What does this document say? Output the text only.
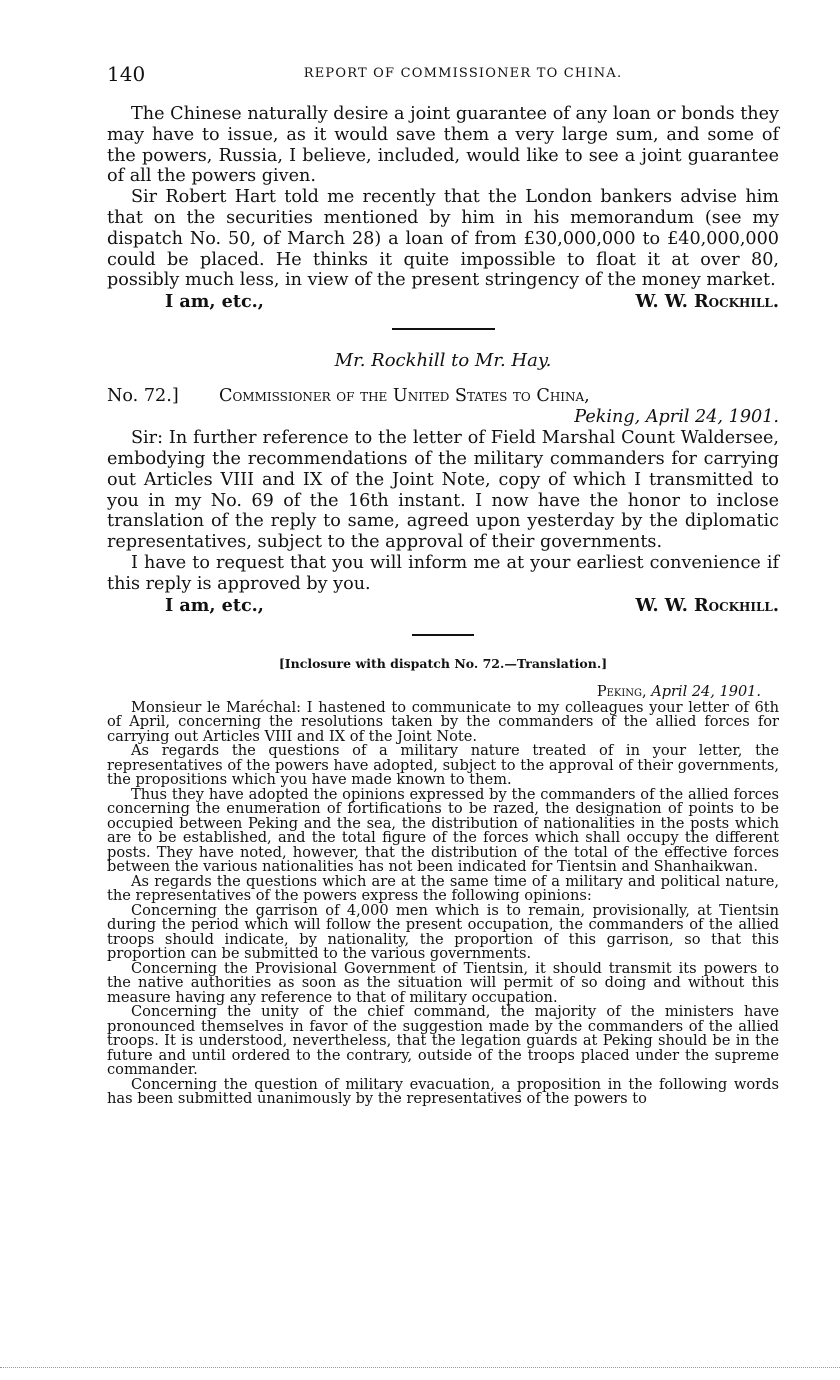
140	REPORT OF COMMISSIONER TO CHINA.

The Chinese naturally desire a joint guarantee of any loan or bonds they may have to issue, as it would save them a very large sum, and some of the powers, Russia, I believe, included, would like to see a joint guarantee of all the powers given.

Sir Robert Hart told me recently that the London bankers advise him that on the securities mentioned by him in his memorandum (see my dispatch No. 50, of March 28) a loan of from £30,000,000 to £40,000,000 could be placed. He thinks it quite impossible to float it at over 80, possibly much less, in view of the present stringency of the money market.

I am, etc.,	W. W. Rockhill.
Mr. Rockhill to Mr. Hay.
No. 72.]	Commissioner of the United States to China,
Peking, April 24, 1901.

Sir: In further reference to the letter of Field Marshal Count Waldersee, embodying the recommendations of the military commanders for carrying out Articles VIII and IX of the Joint Note, copy of which I transmitted to you in my No. 69 of the 16th instant. I now have the honor to inclose translation of the reply to same, agreed upon yesterday by the diplomatic representatives, subject to the approval of their governments.

I have to request that you will inform me at your earliest convenience if this reply is approved by you.

I am, etc.,	W. W. Rockhill.
[Inclosure with dispatch No. 72.—Translation.]
Peking, April 24, 1901.

Monsieur le Maréchal: I hastened to communicate to my colleagues your letter of 6th of April, concerning the resolutions taken by the commanders of the allied forces for carrying out Articles VIII and IX of the Joint Note.

As regards the questions of a military nature treated of in your letter, the representatives of the powers have adopted, subject to the approval of their governments, the propositions which you have made known to them.

Thus they have adopted the opinions expressed by the commanders of the allied forces concerning the enumeration of fortifications to be razed, the designation of points to be occupied between Peking and the sea, the distribution of nationalities in the posts which are to be established, and the total figure of the forces which shall occupy the different posts. They have noted, however, that the distribution of the total of the effective forces between the various nationalities has not been indicated for Tientsin and Shanhaikwan.

As regards the questions which are at the same time of a military and political nature, the representatives of the powers express the following opinions:

Concerning the garrison of 4,000 men which is to remain, provisionally, at Tientsin during the period which will follow the present occupation, the commanders of the allied troops should indicate, by nationality, the proportion of this garrison, so that this proportion can be submitted to the various governments.

Concerning the Provisional Government of Tientsin, it should transmit its powers to the native authorities as soon as the situation will permit of so doing and without this measure having any reference to that of military occupation.

Concerning the unity of the chief command, the majority of the ministers have pronounced themselves in favor of the suggestion made by the commanders of the allied troops. It is understood, nevertheless, that the legation guards at Peking should be in the future and until ordered to the contrary, outside of the troops placed under the supreme commander.

Concerning the question of military evacuation, a proposition in the following words has been submitted unanimously by the representatives of the powers to
